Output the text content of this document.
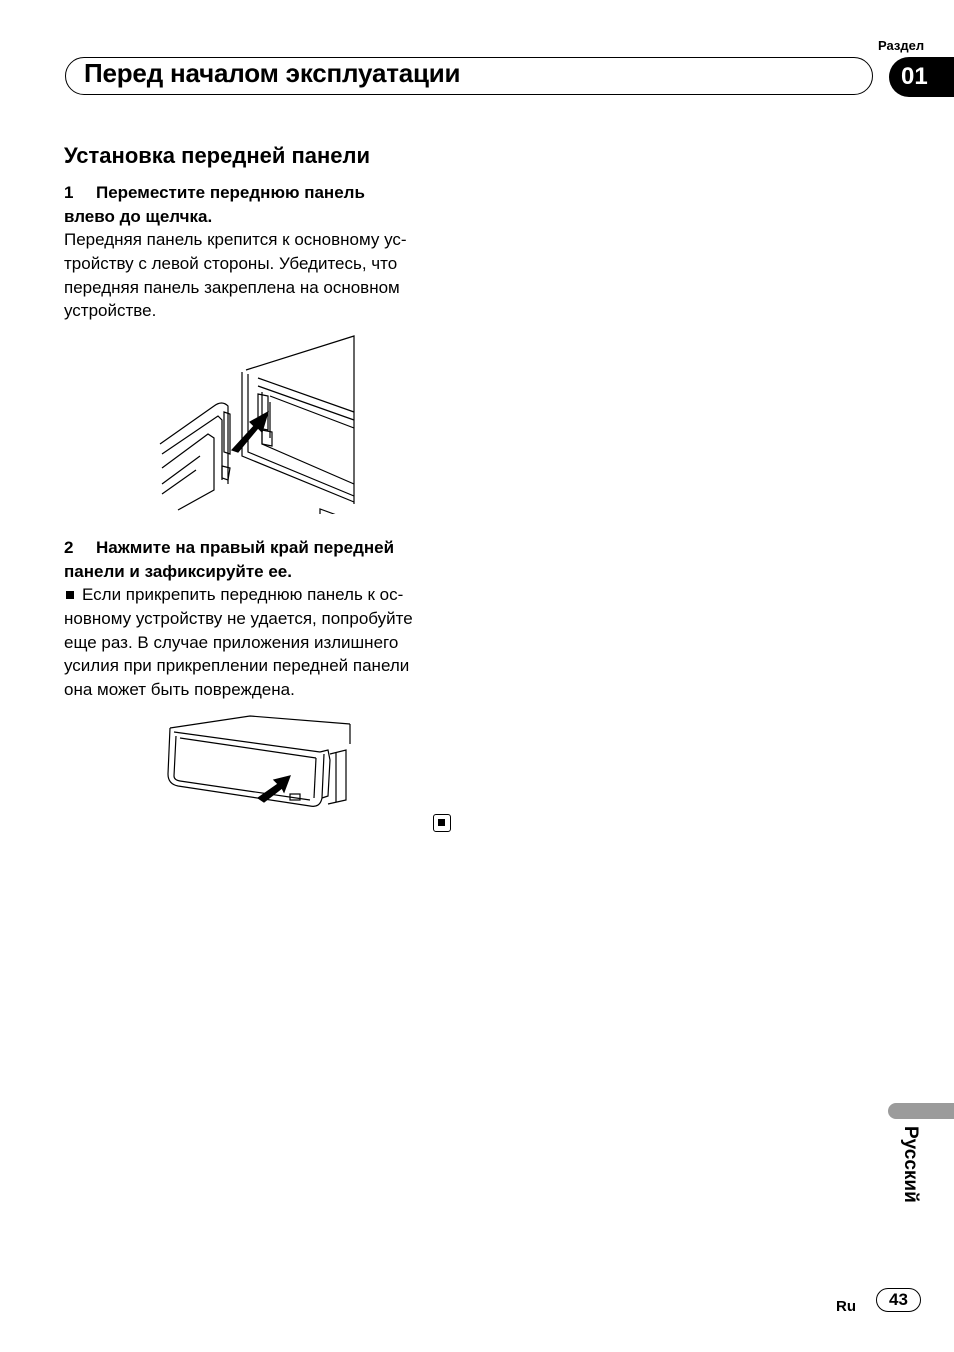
Раздел
Перед началом эксплуатации	01
Установка передней панели
1 Переместите переднюю панель
влево до щелчка.
Передняя панель крепится к основному ус-
тройству с левой стороны. Убедитесь, что
передняя панель закреплена на основном
устройстве.
2 Нажмите на правый край передней
панели и зафиксируйте ее.
Если прикрепить переднюю панель к ос-
новному устройству не удается, попробуйте
еще раз. В случае приложения излишнего
усилия при прикреплении передней панели
она может быть повреждена.
Русский
Ru	43
